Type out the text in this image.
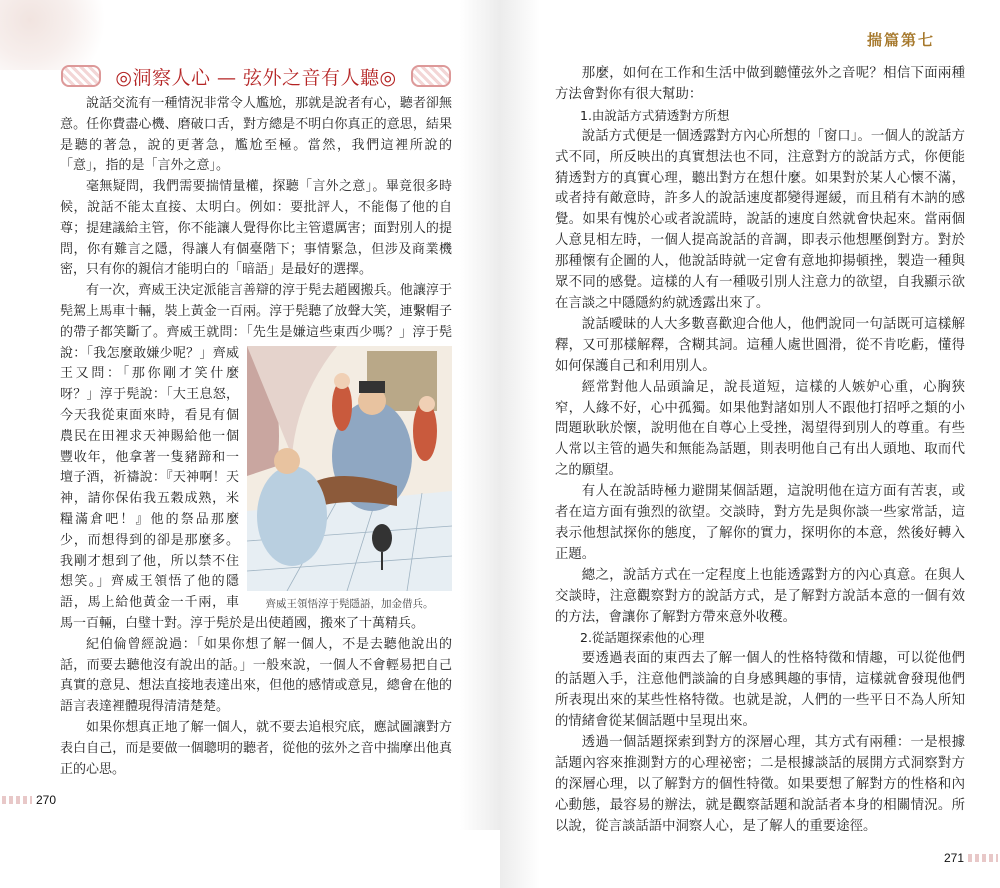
◎洞察人心 — 弦外之音有人聽◎
齊威王領悟淳于髡隱語，加金借兵。

說話交流有一種情況非常令人尷尬，那就是說者有心，聽者卻無意。任你費盡心機、磨破口舌，對方總是不明白你真正的意思，結果是聽的著急，說的更著急，尷尬至極。當然，我們這裡所說的「意」，指的是「言外之意」。

毫無疑問，我們需要揣情量權，探聽「言外之意」。畢竟很多時候，說話不能太直接、太明白。例如：要批評人，不能傷了他的自尊；提建議給主管，你不能讓人覺得你比主管還厲害；面對別人的提問，你有難言之隱，得讓人有個臺階下；事情緊急，但涉及商業機密，只有你的親信才能明白的「暗語」是最好的選擇。

有一次，齊威王決定派能言善辯的淳于髡去趙國搬兵。他讓淳于髡駕上馬車十輛，裝上黃金一百兩。淳于髡聽了放聲大笑，連繫帽子的帶子都笑斷了。齊威王就問：「先生是嫌這些東西少嗎？」淳于髡說：「我怎麼敢嫌少呢？」齊威王又問：「那你剛才笑什麼呀？」淳于髡說：「大王息怒，今天我從東面來時，看見有個農民在田裡求天神賜給他一個豐收年，他拿著一隻豬蹄和一壇子酒，祈禱說：『天神啊！天神，請你保佑我五穀成熟，米糧滿倉吧！』他的祭品那麼少，而想得到的卻是那麼多。我剛才想到了他，所以禁不住想笑。」齊威王領悟了他的隱語，馬上給他黃金一千兩，車馬一百輛，白璧十對。淳于髡於是出使趙國，搬來了十萬精兵。

紀伯倫曾經說過：「如果你想了解一個人，不是去聽他說出的話，而要去聽他沒有說出的話。」一般來說，一個人不會輕易把自己真實的意見、想法直接地表達出來，但他的感情或意見，總會在他的語言表達裡體現得清清楚楚。

如果你想真正地了解一個人，就不要去追根究底，應試圖讓對方表白自己，而是要做一個聰明的聽者，從他的弦外之音中揣摩出他真正的心思。

270
揣篇第七

那麼，如何在工作和生活中做到聽懂弦外之音呢？相信下面兩種方法會對你有很大幫助：

1.由說話方式猜透對方所想

說話方式便是一個透露對方內心所想的「窗口」。一個人的說話方式不同，所反映出的真實想法也不同，注意對方的說話方式，你便能猜透對方的真實心理，聽出對方在想什麼。如果對於某人心懷不滿，或者持有敵意時，許多人的說話速度都變得遲緩，而且稍有木訥的感覺。如果有愧於心或者說謊時，說話的速度自然就會快起來。當兩個人意見相左時，一個人提高說話的音調，即表示他想壓倒對方。對於那種懷有企圖的人，他說話時就一定會有意地抑揚頓挫，製造一種與眾不同的感覺。這樣的人有一種吸引別人注意力的欲望，自我顯示欲在言談之中隱隱約約就透露出來了。

說話曖昧的人大多數喜歡迎合他人，他們說同一句話既可這樣解釋，又可那樣解釋，含糊其詞。這種人處世圓滑，從不肯吃虧，懂得如何保護自己和利用別人。

經常對他人品頭論足，說長道短，這樣的人嫉妒心重，心胸狹窄，人緣不好，心中孤獨。如果他對諸如別人不跟他打招呼之類的小問題耿耿於懷，說明他在自尊心上受挫，渴望得到別人的尊重。有些人常以主管的過失和無能為話題，則表明他自己有出人頭地、取而代之的願望。

有人在說話時極力避開某個話題，這說明他在這方面有苦衷，或者在這方面有強烈的欲望。交談時，對方先是與你談一些家常話，這表示他想試探你的態度，了解你的實力，探明你的本意，然後好轉入正題。

總之，說話方式在一定程度上也能透露對方的內心真意。在與人交談時，注意觀察對方的說話方式，是了解對方說話本意的一個有效的方法，會讓你了解對方帶來意外收穫。

2.從話題探索他的心理

要透過表面的東西去了解一個人的性格特徵和情趣，可以從他們的話題入手，注意他們談論的自身感興趣的事情，這樣就會發現他們所表現出來的某些性格特徵。也就是說，人們的一些平日不為人所知的情緒會從某個話題中呈現出來。

透過一個話題探索到對方的深層心理，其方式有兩種：一是根據話題內容來推測對方的心理祕密；二是根據談話的展開方式洞察對方的深層心理，以了解對方的個性特徵。如果要想了解對方的性格和內心動態，最容易的辦法，就是觀察話題和說話者本身的相關情況。所以說，從言談話語中洞察人心，是了解人的重要途徑。

271
